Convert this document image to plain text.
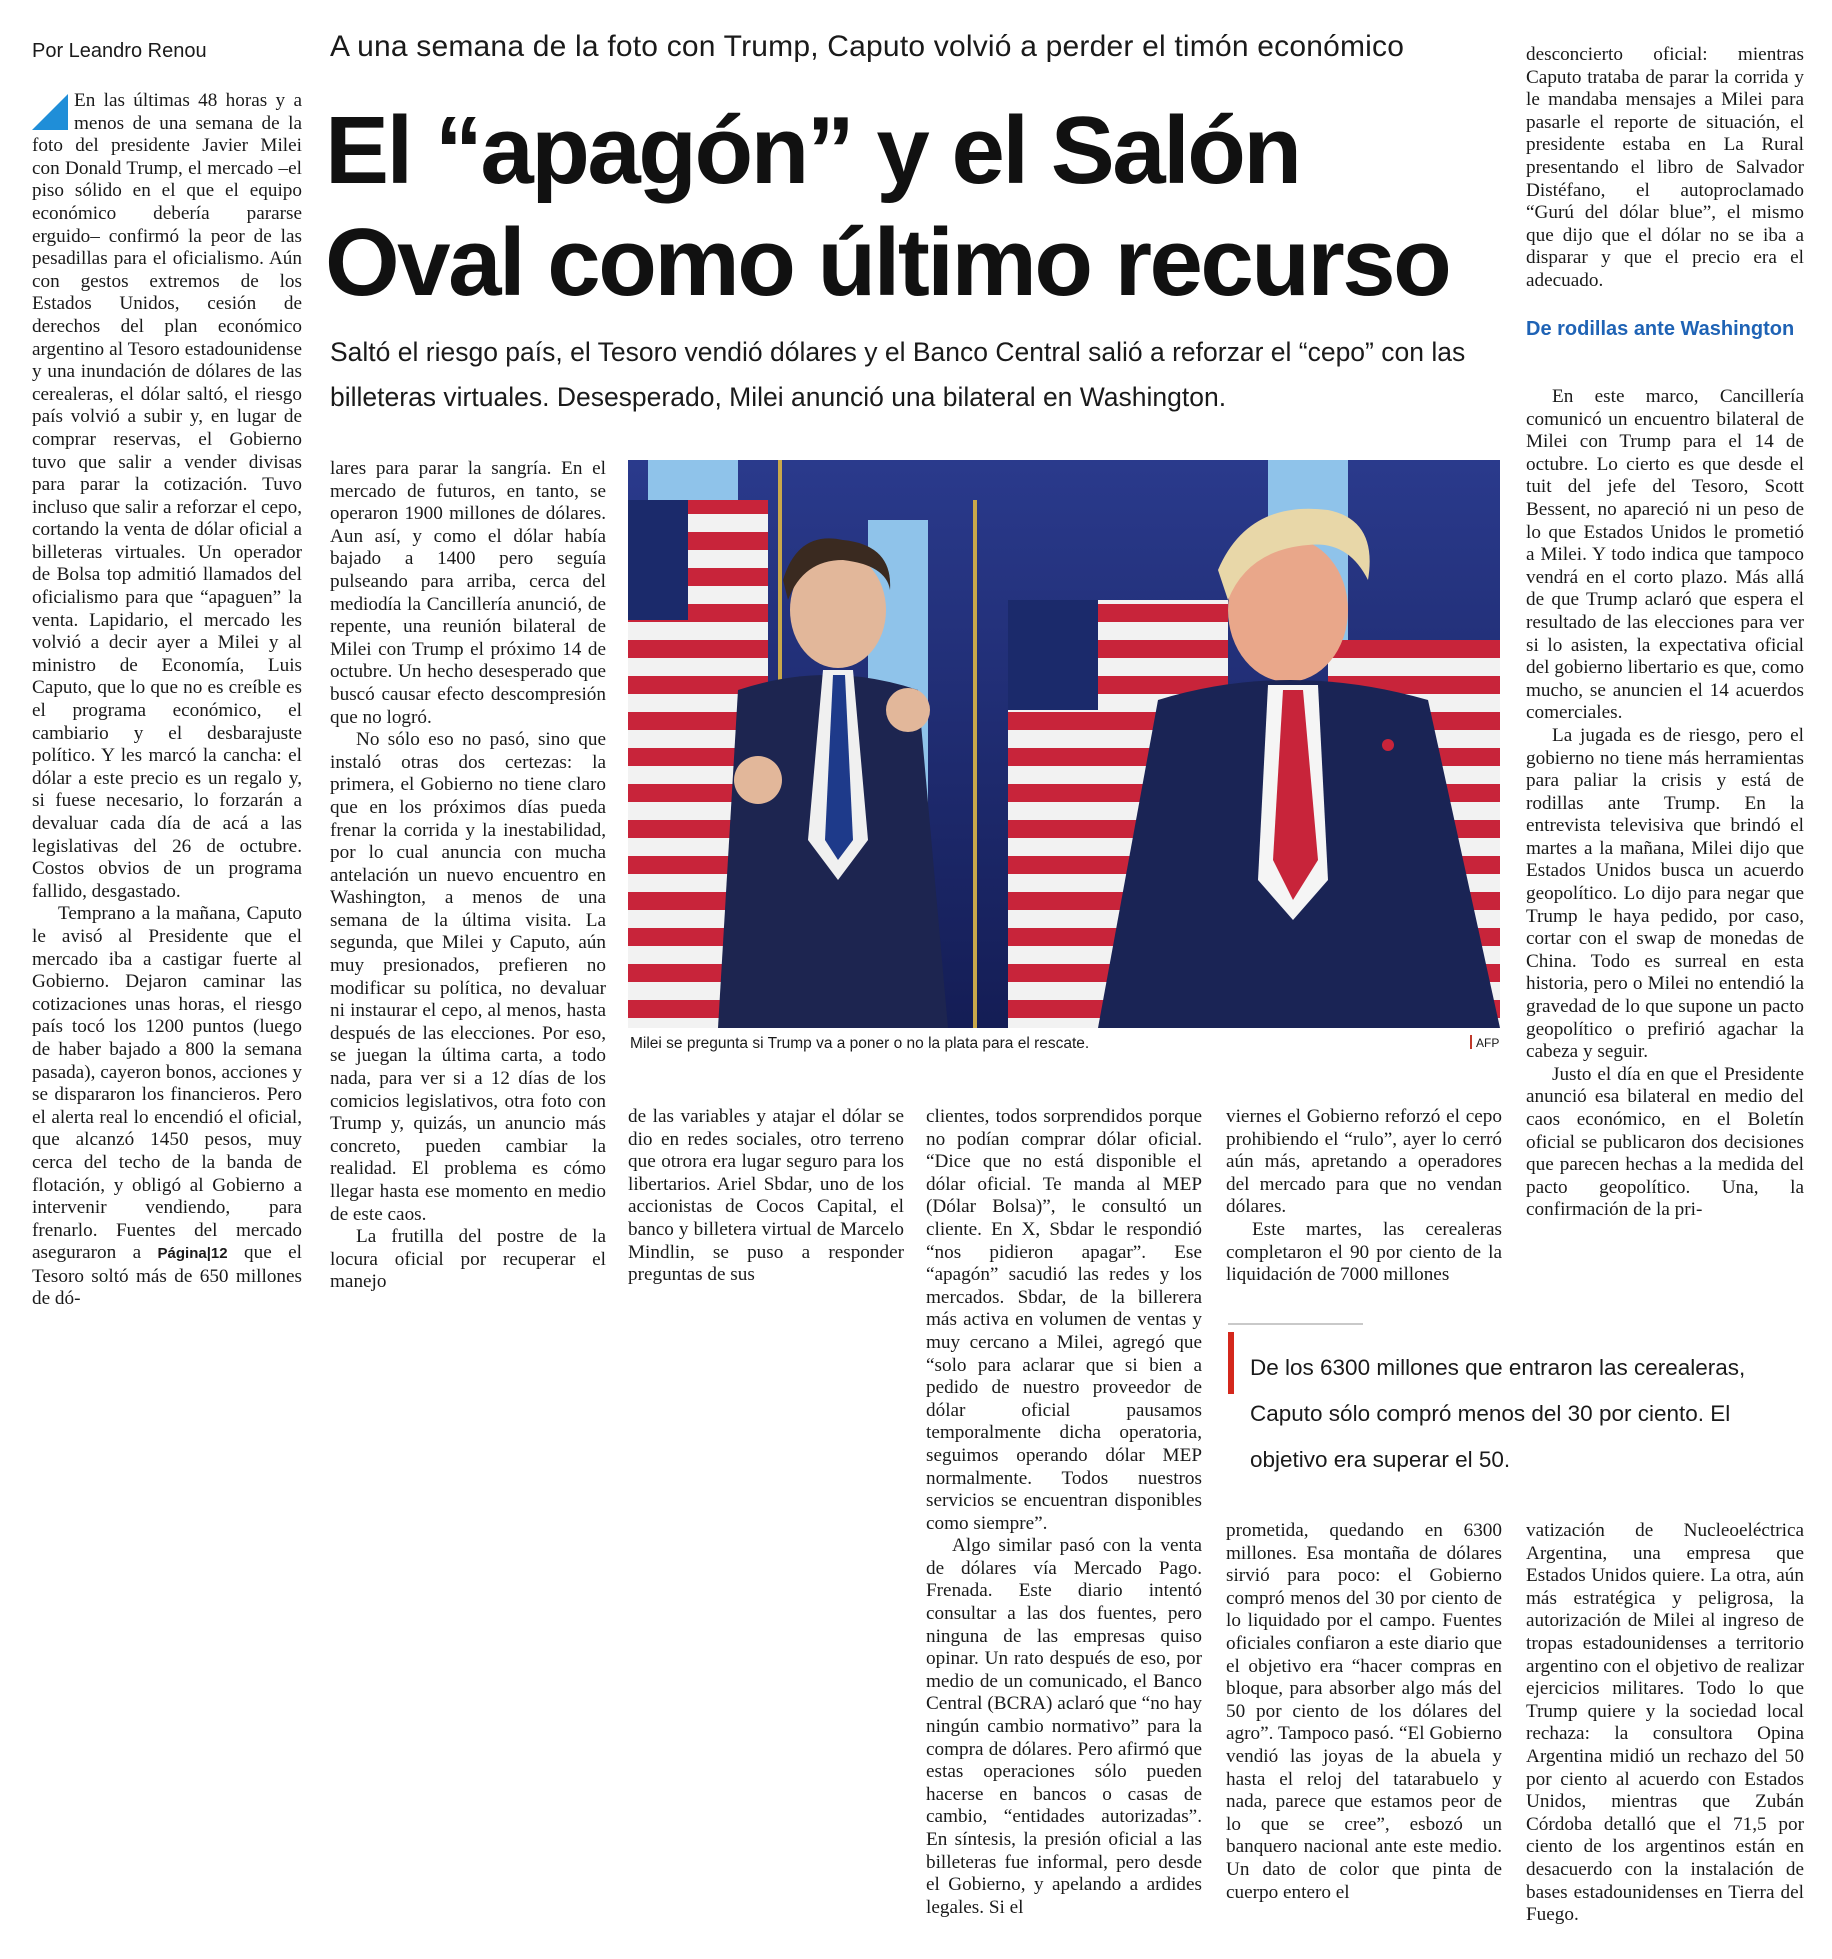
Por Leandro Renou	A una semana de la foto con Trump, Caputo volvió a perder el timón económico
El “apagón” y el Salón Oval como último recurso
Saltó el riesgo país, el Tesoro vendió dólares y el Banco Central salió a reforzar el “cepo” con las billeteras virtuales. Desesperado, Milei anunció una bilateral en Washington.

En las últimas 48 horas y a menos de una semana de la foto del presidente Javier Milei con Donald Trump, el mercado –el piso sólido en el que el equipo económico debería pararse erguido– confirmó la peor de las pesadillas para el oficialismo. Aún con gestos extremos de los Estados Unidos, cesión de derechos del plan económico argentino al Tesoro estadounidense y una inundación de dólares de las cerealeras, el dólar saltó, el riesgo país volvió a subir y, en lugar de comprar reservas, el Gobierno tuvo que salir a vender divisas para parar la cotización. Tuvo incluso que salir a reforzar el cepo, cortando la venta de dólar oficial a billeteras virtuales. Un operador de Bolsa top admitió llamados del oficialismo para que “apaguen” la venta. Lapidario, el mercado les volvió a decir ayer a Milei y al ministro de Economía, Luis Caputo, que lo que no es creíble es el programa económico, el cambiario y el desbarajuste político. Y les marcó la cancha: el dólar a este precio es un regalo y, si fuese necesario, lo forzarán a devaluar cada día de acá a las legislativas del 26 de octubre. Costos obvios de un programa fallido, desgastado.

Temprano a la mañana, Caputo le avisó al Presidente que el mercado iba a castigar fuerte al Gobierno. Dejaron caminar las cotizaciones unas horas, el riesgo país tocó los 1200 puntos (luego de haber bajado a 800 la semana pasada), cayeron bonos, acciones y se dispararon los financieros. Pero el alerta real lo encendió el oficial, que alcanzó 1450 pesos, muy cerca del techo de la banda de flotación, y obligó al Gobierno a intervenir vendiendo, para frenarlo. Fuentes del mercado aseguraron a Página|12 que el Tesoro soltó más de 650 millones de dó-

lares para parar la sangría. En el mercado de futuros, en tanto, se operaron 1900 millones de dólares. Aun así, y como el dólar había bajado a 1400 pero seguía pulseando para arriba, cerca del mediodía la Cancillería anunció, de repente, una reunión bilateral de Milei con Trump el próximo 14 de octubre. Un hecho desesperado que buscó causar efecto descompresión que no logró.

No sólo eso no pasó, sino que instaló otras dos certezas: la primera, el Gobierno no tiene claro que en los próximos días pueda frenar la corrida y la inestabilidad, por lo cual anuncia con mucha antelación un nuevo encuentro en Washington, a menos de una semana de la última visita. La segunda, que Milei y Caputo, aún muy presionados, prefieren no modificar su política, no devaluar ni instaurar el cepo, al menos, hasta después de las elecciones. Por eso, se juegan la última carta, a todo nada, para ver si a 12 días de los comicios legislativos, otra foto con Trump y, quizás, un anuncio más concreto, pueden cambiar la realidad. El problema es cómo llegar hasta ese momento en medio de este caos.

La frutilla del postre de la locura oficial por recuperar el manejo

Milei se pregunta si Trump va a poner o no la plata para el rescate.	AFP

de las variables y atajar el dólar se dio en redes sociales, otro terreno que otrora era lugar seguro para los libertarios. Ariel Sbdar, uno de los accionistas de Cocos Capital, el banco y billetera virtual de Marcelo Mindlin, se puso a responder preguntas de sus

clientes, todos sorprendidos porque no podían comprar dólar oficial. “Dice que no está disponible el dólar oficial. Te manda al MEP (Dólar Bolsa)”, le consultó un cliente. En X, Sbdar le respondió “nos pidieron apagar”. Ese “apagón” sacudió las redes y los mercados. Sbdar, de la billerera más activa en volumen de ventas y muy cercano a Milei, agregó que “solo para aclarar que si bien a pedido de nuestro proveedor de dólar oficial pausamos temporalmente dicha operatoria, seguimos operando dólar MEP normalmente. Todos nuestros servicios se encuentran disponibles como siempre”.

Algo similar pasó con la venta de dólares vía Mercado Pago. Frenada. Este diario intentó consultar a las dos fuentes, pero ninguna de las empresas quiso opinar. Un rato después de eso, por medio de un comunicado, el Banco Central (BCRA) aclaró que “no hay ningún cambio normativo” para la compra de dólares. Pero afirmó que estas operaciones sólo pueden hacerse en bancos o casas de cambio, “entidades autorizadas”. En síntesis, la presión oficial a las billeteras fue informal, pero desde el Gobierno, y apelando a ardides legales. Si el

viernes el Gobierno reforzó el cepo prohibiendo el “rulo”, ayer lo cerró aún más, apretando a operadores del mercado para que no vendan dólares.

Este martes, las cerealeras completaron el 90 por ciento de la liquidación de 7000 millones

De los 6300 millones que entraron las cerealeras, Caputo sólo compró menos del 30 por ciento. El objetivo era superar el 50.

prometida, quedando en 6300 millones. Esa montaña de dólares sirvió para poco: el Gobierno compró menos del 30 por ciento de lo liquidado por el campo. Fuentes oficiales confiaron a este diario que el objetivo era “hacer compras en bloque, para absorber algo más del 50 por ciento de los dólares del agro”. Tampoco pasó. “El Gobierno vendió las joyas de la abuela y hasta el reloj del tatarabuelo y nada, parece que estamos peor de lo que se cree”, esbozó un banquero nacional ante este medio. Un dato de color que pinta de cuerpo entero el

desconcierto oficial: mientras Caputo trataba de parar la corrida y le mandaba mensajes a Milei para pasarle el reporte de situación, el presidente estaba en La Rural presentando el libro de Salvador Distéfano, el autoproclamado “Gurú del dólar blue”, el mismo que dijo que el dólar no se iba a disparar y que el precio era el adecuado.

De rodillas ante Washington

En este marco, Cancillería comunicó un encuentro bilateral de Milei con Trump para el 14 de octubre. Lo cierto es que desde el tuit del jefe del Tesoro, Scott Bessent, no apareció ni un peso de lo que Estados Unidos le prometió a Milei. Y todo indica que tampoco vendrá en el corto plazo. Más allá de que Trump aclaró que espera el resultado de las elecciones para ver si lo asisten, la expectativa oficial del gobierno libertario es que, como mucho, se anuncien el 14 acuerdos comerciales.

La jugada es de riesgo, pero el gobierno no tiene más herramientas para paliar la crisis y está de rodillas ante Trump. En la entrevista televisiva que brindó el martes a la mañana, Milei dijo que Estados Unidos busca un acuerdo geopolítico. Lo dijo para negar que Trump le haya pedido, por caso, cortar con el swap de monedas de China. Todo es surreal en esta historia, pero o Milei no entendió la gravedad de lo que supone un pacto geopolítico o prefirió agachar la cabeza y seguir.

Justo el día en que el Presidente anunció esa bilateral en medio del caos económico, en el Boletín oficial se publicaron dos decisiones que parecen hechas a la medida del pacto geopolítico. Una, la confirmación de la pri-

vatización de Nucleoeléctrica Argentina, una empresa que Estados Unidos quiere. La otra, aún más estratégica y peligrosa, la autorización de Milei al ingreso de tropas estadounidenses a territorio argentino con el objetivo de realizar ejercicios militares. Todo lo que Trump quiere y la sociedad local rechaza: la consultora Opina Argentina midió un rechazo del 50 por ciento al acuerdo con Estados Unidos, mientras que Zubán Córdoba detalló que el 71,5 por ciento de los argentinos están en desacuerdo con la instalación de bases estadounidenses en Tierra del Fuego.
